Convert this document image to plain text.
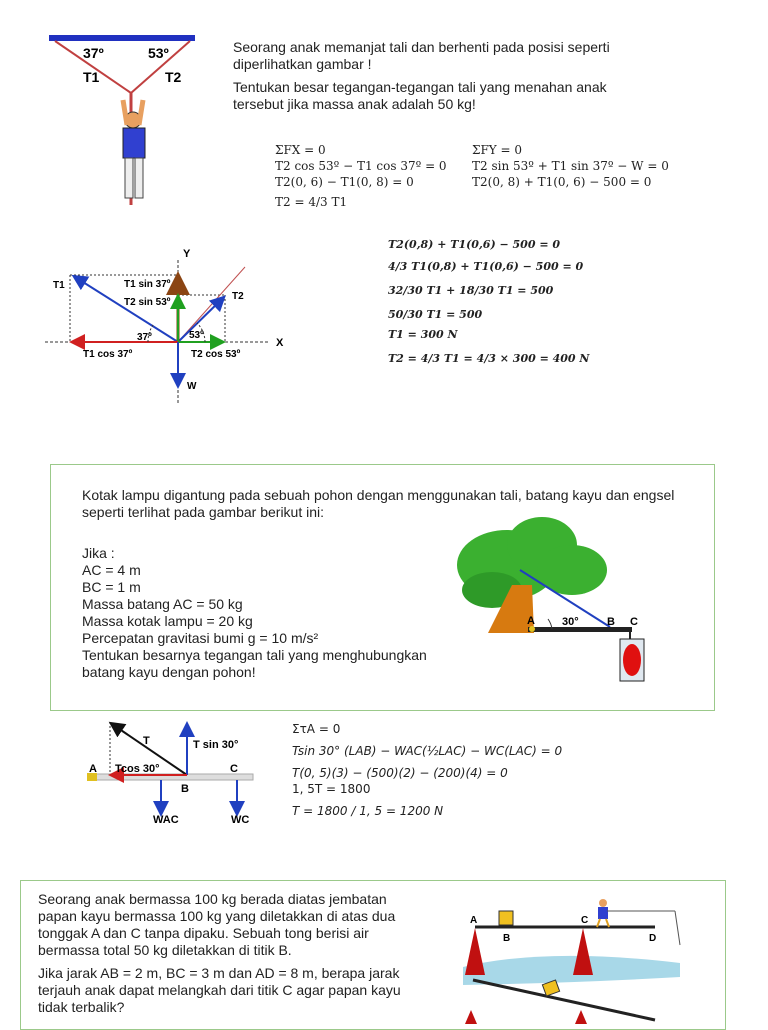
37º	53º
T1	T2

Seorang anak memanjat tali dan berhenti pada posisi seperti diperlihatkan gambar !

Tentukan besar tegangan-tegangan tali yang menahan anak tersebut jika massa anak adalah 50 kg!

ΣFX = 0
T2 cos 53º − T1 cos 37º = 0
T2(0, 6) − T1(0, 8) = 0
T2 = 4/3 T1
ΣFY = 0
T2 sin 53º + T1 sin 37º − W = 0
T2(0, 8) + T1(0, 6) − 500 = 0
Y
X
W
T1
T2
T1 sin 37º
T2 sin 53º
37º	53º
T1 cos 37º	T2 cos 53º
T2(0,8) + T1(0,6) − 500 = 0
4/3 T1(0,8) + T1(0,6) − 500 = 0
32/30 T1 + 18/30 T1 = 500
50/30 T1 = 500
T1 = 300 N
T2 = 4/3 T1 = 4/3 × 300 = 400 N

Kotak lampu digantung pada sebuah pohon dengan menggunakan tali, batang kayu dan engsel seperti terlihat pada gambar berikut ini:

Jika :

AC = 4 m

BC = 1 m

Massa batang AC = 50 kg

Massa kotak lampu = 20 kg

Percepatan gravitasi bumi g = 10 m/s²

Tentukan besarnya tegangan tali yang menghubungkan batang kayu dengan pohon!

A 30°	B C
T	T sin 30°
Tcos 30°
A
B
C
WAC	WC
ΣτA = 0
Tsin 30° (LAB) − WAC(½LAC) − WC(LAC) = 0
T(0, 5)(3) − (500)(2) − (200)(4) = 0
1, 5T = 1800
T = 1800 / 1, 5 = 1200 N

Seorang anak bermassa 100 kg berada diatas jembatan papan kayu bermassa 100 kg yang diletakkan di atas dua tonggak A dan C tanpa dipaku. Sebuah tong berisi air bermassa total 50 kg diletakkan di titik B.

Jika jarak AB = 2 m, BC = 3 m dan AD = 8 m, berapa jarak terjauh anak dapat melangkah dari titik C agar papan kayu tidak terbalik?

A
B
C
D
